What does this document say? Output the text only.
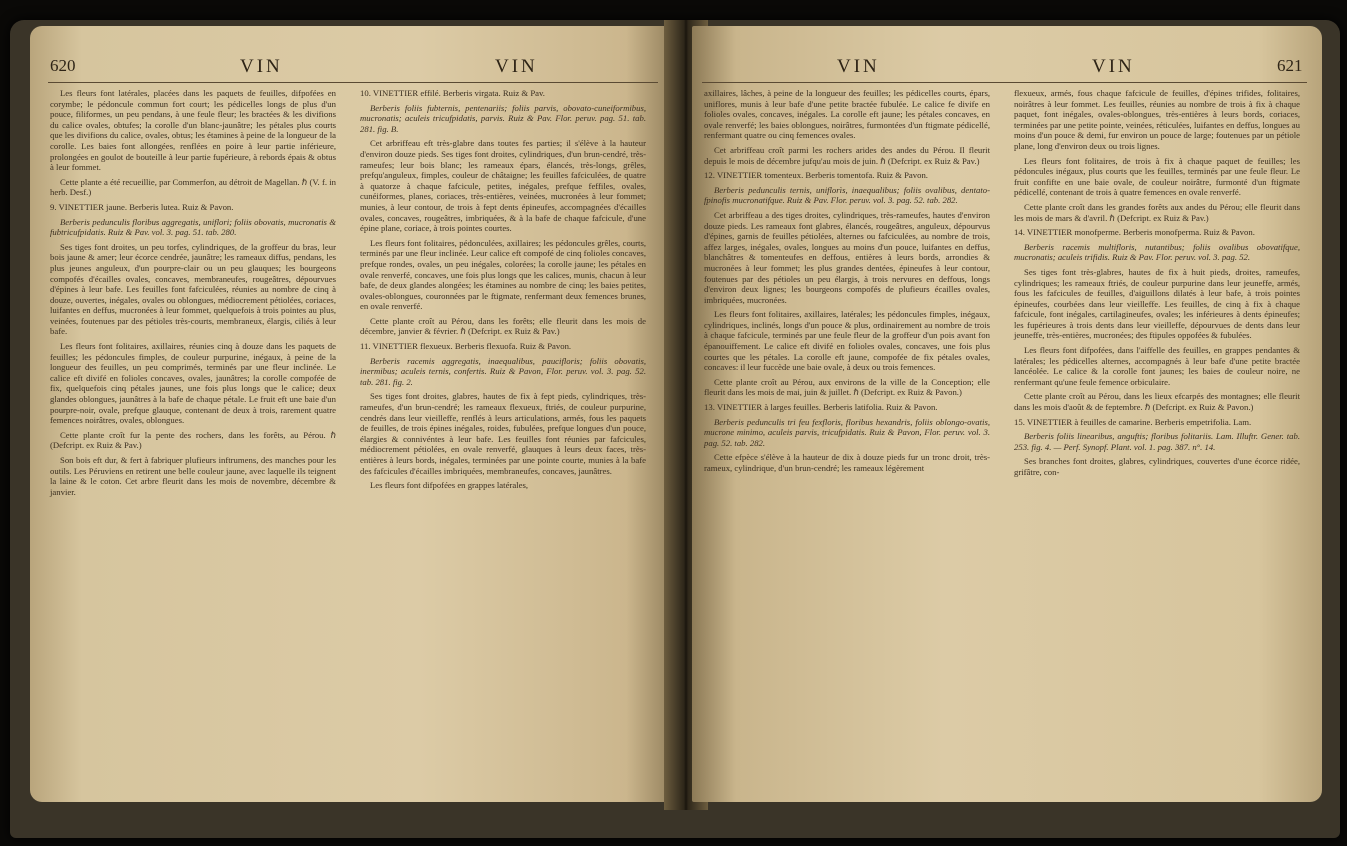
620	VIN	VIN

Les fleurs font latérales, placées dans les paquets de feuilles, difpofées en corymbe; le pédoncule commun fort court; les pédicelles longs de plus d'un pouce, filiformes, un peu pendans, à une feule fleur; les bractées & les divifions du calice ovales, obtufes; la corolle d'un blanc-jaunâtre; les pétales plus courts que les divifions du calice, ovales, obtus; les étamines à peine de la longueur de la corolle. Les baies font allongées, renflées en poire à leur partie inférieure, prolongées en goulot de bouteille à leur partie fupérieure, à rebords épais & obtus à leur fommet.

Cette plante a été recueillie, par Commerfon, au détroit de Magellan. ℏ (V. f. in herb. Desf.)

9. VINETTIER jaune. Berberis lutea. Ruiz & Pavon.

Berberis pedunculis floribus aggregatis, uniflori; foliis obovatis, mucronatis & fubtricufpidatis. Ruiz & Pav. vol. 3. pag. 51. tab. 280.

Ses tiges font droites, un peu torfes, cylindriques, de la groffeur du bras, leur bois jaune & amer; leur écorce cendrée, jaunâtre; les rameaux diffus, pendans, les plus jeunes anguleux, d'un pourpre-clair ou un peu glauques; les bourgeons compofés d'écailles ovales, concaves, membraneufes, rougeâtres, dépourvues d'épines à leur bafe. Les feuilles font fafciculées, réunies au nombre de cinq à douze, ouvertes, inégales, ovales ou oblongues, médiocrement pétiolées, coriaces, luifantes en deffus, mucronées à leur fommet, quelquefois à trois pointes au plus, veinées, foutenues par des pétioles très-courts, membraneux, élargis, ciliés à leur bafe.

Les fleurs font folitaires, axillaires, réunies cinq à douze dans les paquets de feuilles; les pédoncules fimples, de couleur purpurine, inégaux, à peine de la longueur des feuilles, un peu comprimés, terminés par une fleur inclinée. Le calice eft divifé en folioles concaves, ovales, jaunâtres; la corolle compofée de fix, quelquefois cinq pétales jaunes, une fois plus longs que le calice; deux glandes oblongues, jaunâtres à la bafe de chaque pétale. Le fruit eft une baie d'un pourpre-noir, ovale, prefque glauque, contenant de deux à trois, rarement quatre femences noirâtres, ovales, oblongues.

Cette plante croît fur la pente des rochers, dans les forêts, au Pérou. ℏ (Defcript. ex Ruiz & Pav.)

Son bois eft dur, & fert à fabriquer plufieurs inftrumens, des manches pour les outils. Les Péruviens en retirent une belle couleur jaune, avec laquelle ils teignent la laine & le coton. Cet arbre fleurit dans les mois de novembre, décembre & janvier.

10. VINETTIER effilé. Berberis virgata. Ruiz & Pav.

Berberis foliis fubternis, pentenariis; foliis parvis, obovato-cuneiformibus, mucronatis; aculeis tricufpidatis, parvis. Ruiz & Pav. Flor. peruv. pag. 51. tab. 281. fig. B.

Cet arbriffeau eft très-glabre dans toutes fes parties; il s'élève à la hauteur d'environ douze pieds. Ses tiges font droites, cylindriques, d'un brun-cendré, très-rameufes; leur bois blanc; les rameaux épars, élancés, très-longs, grêles, prefqu'anguleux, fimples, couleur de châtaigne; les feuilles fafciculées, de quatre à quatorze à chaque fafcicule, petites, inégales, prefque feffiles, ovales, cunéiformes, planes, coriaces, très-entières, veinées, mucronées à leur fommet; munies, à leur contour, de trois à fept dents épineufes, accompagnées d'écailles ovales, concaves, rougeâtres, imbriquées, & à la bafe de chaque fafcicule, d'une épine plane, coriace, à trois pointes courtes.

Les fleurs font folitaires, pédonculées, axillaires; les pédoncules grêles, courts, terminés par une fleur inclinée. Leur calice eft compofé de cinq folioles concaves, prefque rondes, ovales, un peu inégales, colorées; la corolle jaune; les pétales en ovale renverfé, concaves, une fois plus longs que les calices, munis, chacun à leur bafe, de deux glandes alongées; les étamines au nombre de cinq; les baies petites, ovales-oblongues, couronnées par le ftigmate, renfermant deux femences brunes, en ovale renverfé.

Cette plante croît au Pérou, dans les forêts; elle fleurit dans les mois de décembre, janvier & février. ℏ (Defcript. ex Ruiz & Pav.)

11. VINETTIER flexueux. Berberis flexuofa. Ruiz & Pavon.

Berberis racemis aggregatis, inaequalibus, paucifloris; foliis obovatis, inermibus; aculeis ternis, confertis. Ruiz & Pavon, Flor. peruv. vol. 3. pag. 52. tab. 281. fig. 2.

Ses tiges font droites, glabres, hautes de fix à fept pieds, cylindriques, très-rameufes, d'un brun-cendré; les rameaux flexueux, ftriés, de couleur purpurine, cendrés dans leur vieilleffe, renflés à leurs articulations, armés, fous les paquets de feuilles, de trois épines inégales, roides, fubulées, prefque longues d'un pouce, élargies & connivéntes à leur bafe. Les feuilles font réunies par fafcicules, médiocrement pétiolées, en ovale renverfé, glauques à leurs deux faces, très-entières à leurs bords, inégales, terminées par une pointe courte, munies à la bafe des fafcicules d'écailles imbriquées, membraneufes, concaves, jaunâtres.

Les fleurs font difpofées en grappes latérales,

VIN	VIN	621

axillaires, lâches, à peine de la longueur des feuilles; les pédicelles courts, épars, uniflores, munis à leur bafe d'une petite bractée fubulée. Le calice fe divife en folioles ovales, concaves, inégales. La corolle eft jaune; les pétales concaves, en ovale renverfé; les baies oblongues, noirâtres, furmontées d'un ftigmate pédicellé, renfermant quatre ou cinq femences ovales.

Cet arbriffeau croît parmi les rochers arides des andes du Pérou. Il fleurit depuis le mois de décembre jufqu'au mois de juin. ℏ (Defcript. ex Ruiz & Pav.)

12. VINETTIER tomenteux. Berberis tomentofa. Ruiz & Pavon.

Berberis pedunculis ternis, uniflorìs, inaequalibus; foliis ovalibus, dentato-fpinofis mucronatifque. Ruiz & Pav. Flor. peruv. vol. 3. pag. 52. tab. 282.

Cet arbriffeau a des tiges droites, cylindriques, très-rameufes, hautes d'environ douze pieds. Les rameaux font glabres, élancés, rougeâtres, anguleux, dépourvus d'épines, garnis de feuilles pétiolées, alternes ou fafciculées, au nombre de trois, affez larges, inégales, ovales, longues au moins d'un pouce, luifantes en deffus, blanchâtres & tomenteufes en deffous, entières à leurs bords, arrondies & mucronées à leur fommet; les plus grandes dentées, épineufes à leur contour, foutenues par des pétioles un peu élargis, à trois nervures en deffous, longs d'environ deux lignes; les bourgeons compofés de plufieurs écailles ovales, imbriquées, mucronées.

Les fleurs font folitaires, axillaires, latérales; les pédoncules fimples, inégaux, cylindriques, inclinés, longs d'un pouce & plus, ordinairement au nombre de trois à chaque fafcicule, terminés par une feule fleur de la groffeur d'un pois avant fon épanouiffement. Le calice eft divifé en folioles ovales, concaves, une fois plus courtes que les pétales. La corolle eft jaune, compofée de fix pétales ovales, concaves: il leur fuccède une baie ovale, à deux ou trois femences.

Cette plante croît au Pérou, aux environs de la ville de la Conception; elle fleurit dans les mois de mai, juin & juillet. ℏ (Defcript. ex Ruiz & Pavon.)

13. VINETTIER à larges feuilles. Berberis latifolia. Ruiz & Pavon.

Berberis pedunculis tri feu fexfloris, floribus hexandris, foliis oblongo-ovatis, mucrone minimo, aculeis parvis, tricufpidatis. Ruiz & Pavon, Flor. peruv. vol. 3. pag. 52. tab. 282.

Cette efpèce s'élève à la hauteur de dix à douze pieds fur un tronc droit, très-rameux, cylindrique, d'un brun-cendré; les rameaux légèrement

flexueux, armés, fous chaque fafcicule de feuilles, d'épines trifides, folitaires, noirâtres à leur fommet. Les feuilles, réunies au nombre de trois à fix à chaque paquet, font inégales, ovales-oblongues, très-entières à leurs bords, coriaces, terminées par une petite pointe, veinées, réticulées, luifantes en deffus, longues au moins d'un pouce & demi, fur environ un pouce de large; foutenues par un pétiole plane, long d'environ deux ou trois lignes.

Les fleurs font folitaires, de trois à fix à chaque paquet de feuilles; les pédoncules inégaux, plus courts que les feuilles, terminés par une feule fleur. Le fruit confifte en une baie ovale, de couleur noirâtre, furmonté d'un ftigmate pédicellé, contenant de trois à quatre femences en ovale renverfé.

Cette plante croît dans les grandes forêts aux andes du Pérou; elle fleurit dans les mois de mars & d'avril. ℏ (Defcript. ex Ruiz & Pav.)

14. VINETTIER monofperme. Berberis monofperma. Ruiz & Pavon.

Berberis racemis multifloris, nutantibus; foliis ovalibus obovatifque, mucronatis; aculeis trifidis. Ruiz & Pav. Flor. peruv. vol. 3. pag. 52.

Ses tiges font très-glabres, hautes de fix à huit pieds, droites, rameufes, cylindriques; les rameaux ftriés, de couleur purpurine dans leur jeuneffe, armés, fous les fafcicules de feuilles, d'aiguillons dilatés à leur bafe, à trois pointes épineufes, courbées dans leur vieilleffe. Les feuilles, de cinq à fix à chaque fafcicule, font inégales, cartilagineufes, ovales; les inférieures à dents épineufes; les fupérieures à trois dents dans leur vieilleffe, dépourvues de dents dans leur jeuneffe, très-entières, mucronées; des ftipules oppofées & fubulées.

Les fleurs font difpofées, dans l'aiffelle des feuilles, en grappes pendantes & latérales; les pédicelles alternes, accompagnés à leur bafe d'une petite bractée lancéolée. Le calice & la corolle font jaunes; les baies de couleur noire, ne renfermant qu'une feule femence orbiculaire.

Cette plante croît au Pérou, dans les lieux efcarpés des montagnes; elle fleurit dans les mois d'août & de feptembre. ℏ (Defcript. ex Ruiz & Pavon.)

15. VINETTIER à feuilles de camarine. Berberis empetrifolia. Lam.

Berberis foliis linearibus, anguftis; floribus folitariis. Lam. Illuftr. Gener. tab. 253. fig. 4. — Perf. Synopf. Plant. vol. 1. pag. 387. n°. 14.

Ses branches font droites, glabres, cylindriques, couvertes d'une écorce ridée, grifâtre, con-
